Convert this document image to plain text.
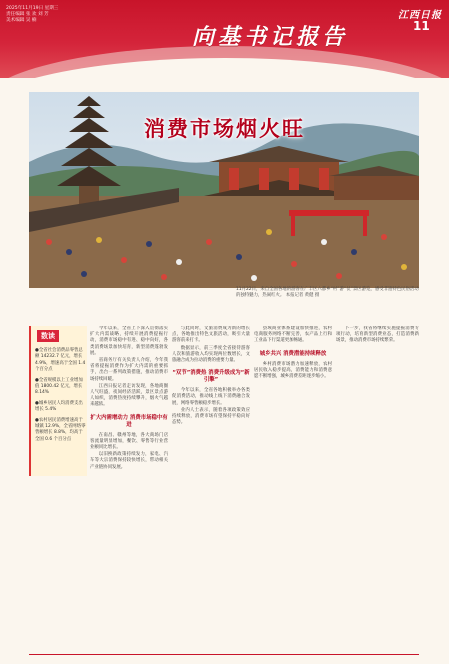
2025年11月19日 星期三
责任编辑 张 欢 刘 芳
美术编辑 吴 楠
向基书记报告
江西日报
11
消费市场烟火旺
11月22日，来自全国各地的游客在广丰区六都乡“村”游“仗”景区游览，感受非遗特色民俗活动的独特魅力，热闹红火。 本报记者 黄健 摄
数读

●全省社会消费品零售总额 14232.7 亿元，增长 4.9%，增速高于全国 1.4 个百分点

●全省规模以上工业增加值 1800.42 亿元，增长 8.14%

●城乡居民人均消费支出增长 5.4%

●农村居民消费增速高于城镇 12.9%，全省网络零售额增长 8.8%，均高于全国 0.6 个百分点

今年以来，全省上下深入贯彻落实扩大内需战略，持续开展消费提振行动，消费市场稳中有进、稳中向好，各类消费场景加快培育，新型消费蓬勃发展。

省商务厅有关负责人介绍，今年我省将提振消费作为扩大内需的重要抓手，出台一系列政策措施，推动消费市场持续回暖。

江西日报记者走访发现，各地商圈人气旺盛，夜间经济活跃，景区景点游人如织，消费热度持续攀升，烟火气越来越浓。

扩大内需增动力 消费市场稳中有进

在南昌、赣州等地，各大商场门店客流量明显增加，餐饮、零售等行业营业额同比增长。

以旧换新政策持续发力，家电、汽车等大宗消费保持较快增长，带动相关产业链协同发展。

与此同时，文旅消费成为新的增长点，各地推出特色文旅活动，吸引大量游客前来打卡。

数据显示，前三季度全省接待游客人次和旅游收入均实现两位数增长，文旅融合成为拉动消费的重要力量。

“双节”消费热 消费升级成为“新引擎”

今年以来，全省各地积极举办各类促消费活动，推动线上线下消费融合发展，网络零售额稳步增长。

业内人士表示，随着各项政策效应持续释放，消费市场有望保持平稳向好态势。

县域商业体系建设加快推进，农村电商服务网络不断完善，农产品上行和工业品下行渠道更加畅通。

城乡共兴 消费潜能持续释放

乡村消费市场潜力加速释放，农村居民收入稳步提高，消费能力和消费意愿不断增强，城乡消费差距逐步缩小。

下一步，我省将继续实施提振消费专项行动，培育新型消费业态，打造消费新场景，推动消费市场持续繁荣。
